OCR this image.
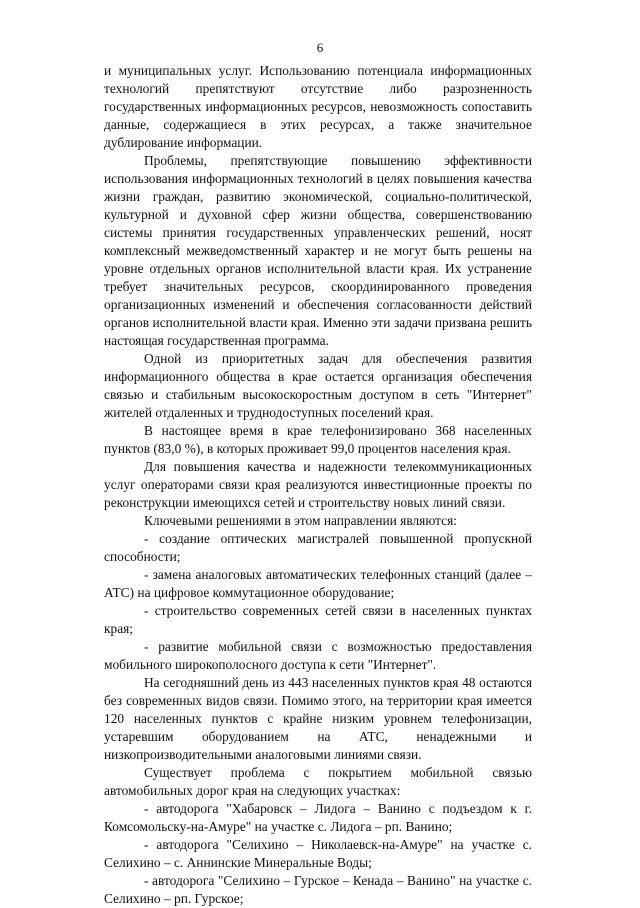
6

и муниципальных услуг. Использованию потенциала информационных технологий препятствуют отсутствие либо разрозненность государственных информационных ресурсов, невозможность сопоставить данные, содержащиеся в этих ресурсах, а также значительное дублирование информации.

Проблемы, препятствующие повышению эффективности использования информационных технологий в целях повышения качества жизни граждан, развитию экономической, социально-политической, культурной и духовной сфер жизни общества, совершенствованию системы принятия государственных управленческих решений, носят комплексный межведомственный характер и не могут быть решены на уровне отдельных органов исполнительной власти края. Их устранение требует значительных ресурсов, скоординированного проведения организационных изменений и обеспечения согласованности действий органов исполнительной власти края. Именно эти задачи призвана решить настоящая государственная программа.

Одной из приоритетных задач для обеспечения развития информационного общества в крае остается организация обеспечения связью и стабильным высокоскоростным доступом в сеть "Интернет" жителей отдаленных и труднодоступных поселений края.

В настоящее время в крае телефонизировано 368 населенных пунктов (83,0 %), в которых проживает 99,0 процентов населения края.

Для повышения качества и надежности телекоммуникационных услуг операторами связи края реализуются инвестиционные проекты по реконструкции имеющихся сетей и строительству новых линий связи.

Ключевыми решениями в этом направлении являются:

- создание оптических магистралей повышенной пропускной способности;

- замена аналоговых автоматических телефонных станций (далее – АТС) на цифровое коммутационное оборудование;

- строительство современных сетей связи в населенных пунктах края;

- развитие мобильной связи с возможностью предоставления мобильного широкополосного доступа к сети "Интернет".

На сегодняшний день из 443 населенных пунктов края 48 остаются без современных видов связи. Помимо этого, на территории края имеется 120 населенных пунктов с крайне низким уровнем телефонизации, устаревшим оборудованием на АТС, ненадежными и низкопроизводительными аналоговыми линиями связи.

Существует проблема с покрытием мобильной связью автомобильных дорог края на следующих участках:

- автодорога "Хабаровск – Лидога – Ванино с подъездом к г. Комсомольску-на-Амуре" на участке с. Лидога – рп. Ванино;

- автодорога "Селихино – Николаевск-на-Амуре" на участке с. Селихино – с. Аннинские Минеральные Воды;

- автодорога "Селихино – Гурское – Кенада – Ванино" на участке с. Селихино – рп. Гурское;
